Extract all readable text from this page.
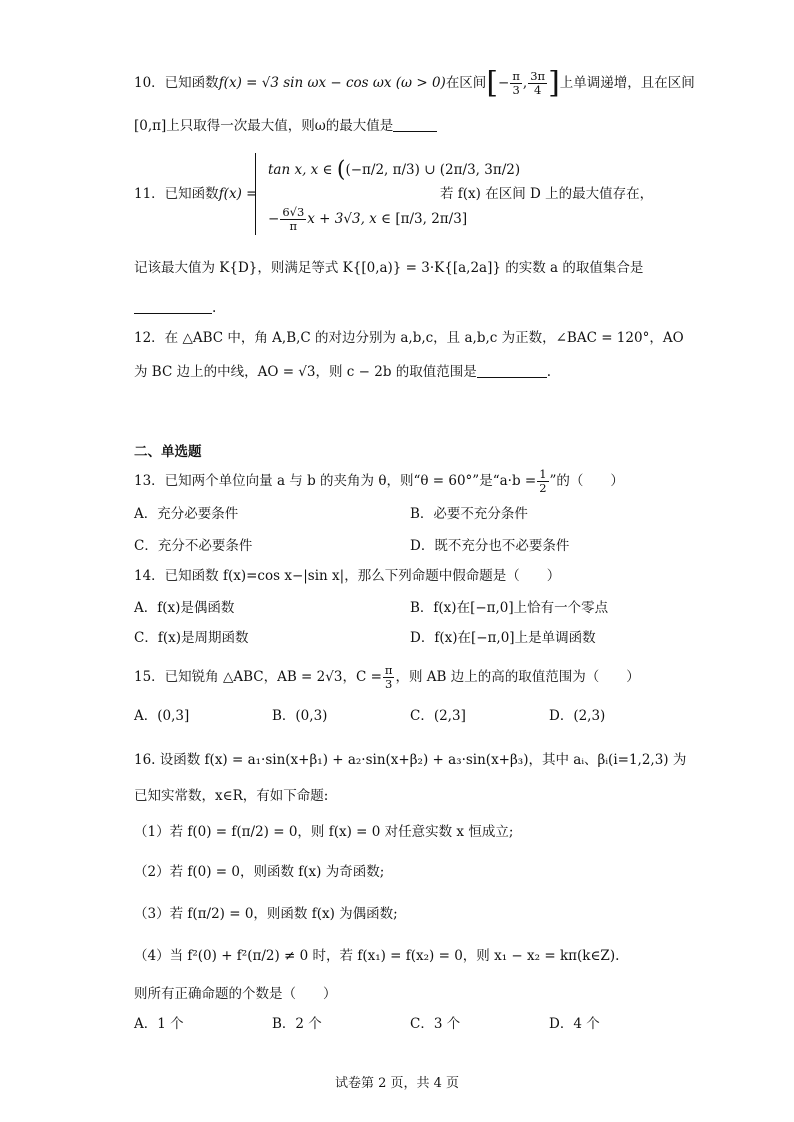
10．已知函数f(x) = √3 sin ωx − cos ωx (ω > 0)在区间[− $\frac{\pi}{3}$ , $\frac{3\pi}{4}$ ]上单调递增，且在区间
[0,π]上只取得一次最大值，则ω的最大值是
11．已知函数f(x) =
tan x, x ∈ ((−π/2, π/3) ∪ (2π/3, 3π/2)
− $\frac{6√3}{\pi}$ x + 3√3, x ∈ [π/3, 2π/3]
若 f(x) 在区间 D 上的最大值存在，
记该最大值为 K{D}，则满足等式 K{[0,a)} = 3·K{[a,2a]} 的实数 a 的取值集合是
.
12．在 △ABC 中，角 A,B,C 的对边分别为 a,b,c，且 a,b,c 为正数，∠BAC = 120°，AO
为 BC 边上的中线，AO = √3，则 c − 2b 的取值范围是	.
二、单选题
13．已知两个单位向量 a 与 b 的夹角为 θ，则“θ = 60°”是“$a\cdot b = \frac{1}{2}$ ”的（　　）
A．充分必要条件	B．必要不充分条件
C．充分不必要条件	D．既不充分也不必要条件
14．已知函数 f(x)=cos x−|sin x|，那么下列命题中假命题是（　　）
A．f(x)是偶函数	B．f(x)在[−π,0]上恰有一个零点
C．f(x)是周期函数	D．f(x)在[−π,0]上是单调函数
15．已知锐角 △ABC，AB = 2√3，$C = \frac{\pi}{3}$ ，则 AB 边上的高的取值范围为（　　）
A．(0,3]	B．(0,3)	C．(2,3]	D．(2,3)
16. 设函数 f(x) = a₁·sin(x+β₁) + a₂·sin(x+β₂) + a₃·sin(x+β₃)，其中 aᵢ、βᵢ(i=1,2,3) 为
已知实常数，x∈R，有如下命题:
（1）若 f(0) = f(π/2) = 0，则 f(x) = 0 对任意实数 x 恒成立;
（2）若 f(0) = 0，则函数 f(x) 为奇函数;
（3）若 f(π/2) = 0，则函数 f(x) 为偶函数;
（4）当 f²(0) + f²(π/2) ≠ 0 时，若 f(x₁) = f(x₂) = 0，则 x₁ − x₂ = kπ(k∈Z).
则所有正确命题的个数是（　　）
A．1 个	B．2 个	C．3 个	D．4 个
试卷第 2 页，共 4 页
